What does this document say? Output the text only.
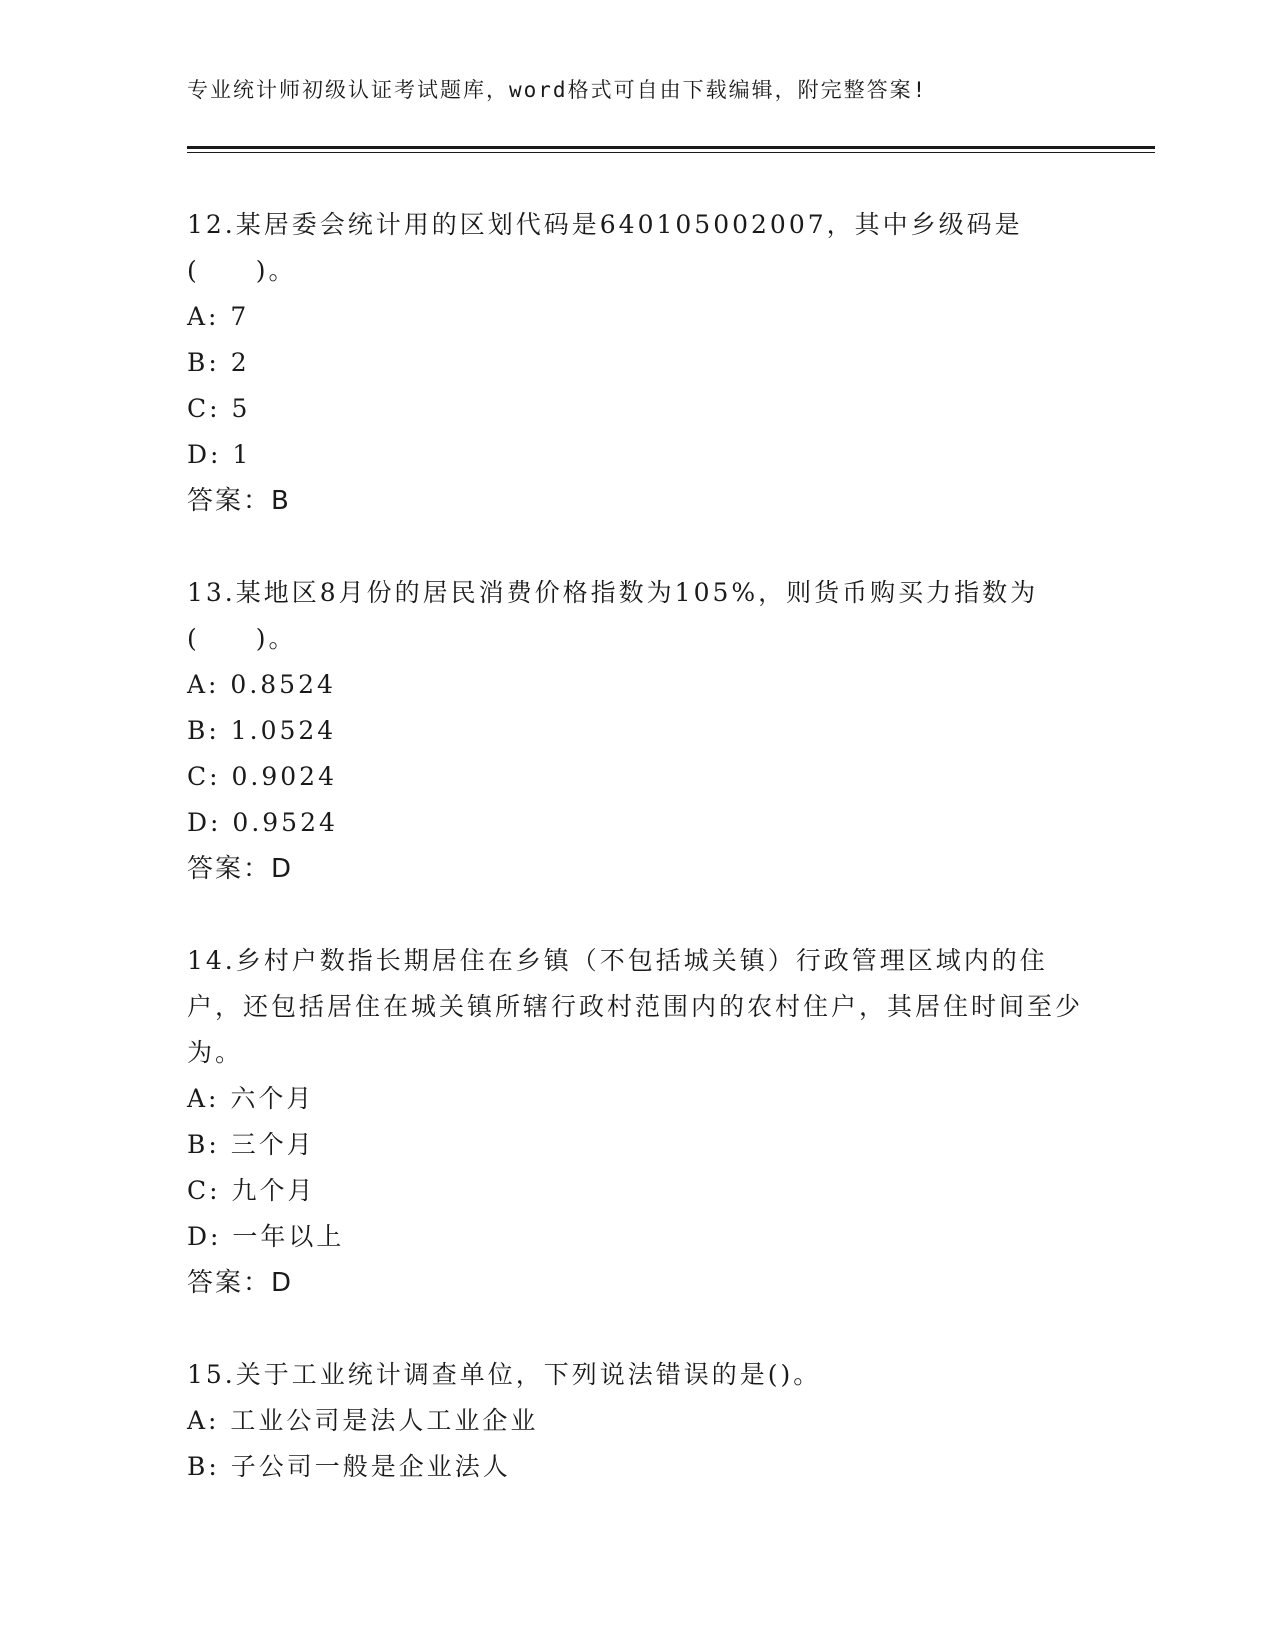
专业统计师初级认证考试题库，word格式可自由下载编辑，附完整答案!

12.某居委会统计用的区划代码是640105002007，其中乡级码是(　　)。

A: 7

B: 2

C: 5

D: 1

答案：B

13.某地区8月份的居民消费价格指数为105%，则货币购买力指数为(　　)。

A: 0.8524

B: 1.0524

C: 0.9024

D: 0.9524

答案：D

14.乡村户数指长期居住在乡镇（不包括城关镇）行政管理区域内的住户，还包括居住在城关镇所辖行政村范围内的农村住户，其居住时间至少为。

A: 六个月

B: 三个月

C: 九个月

D: 一年以上

答案：D

15.关于工业统计调查单位，下列说法错误的是()。

A: 工业公司是法人工业企业

B: 子公司一般是企业法人
